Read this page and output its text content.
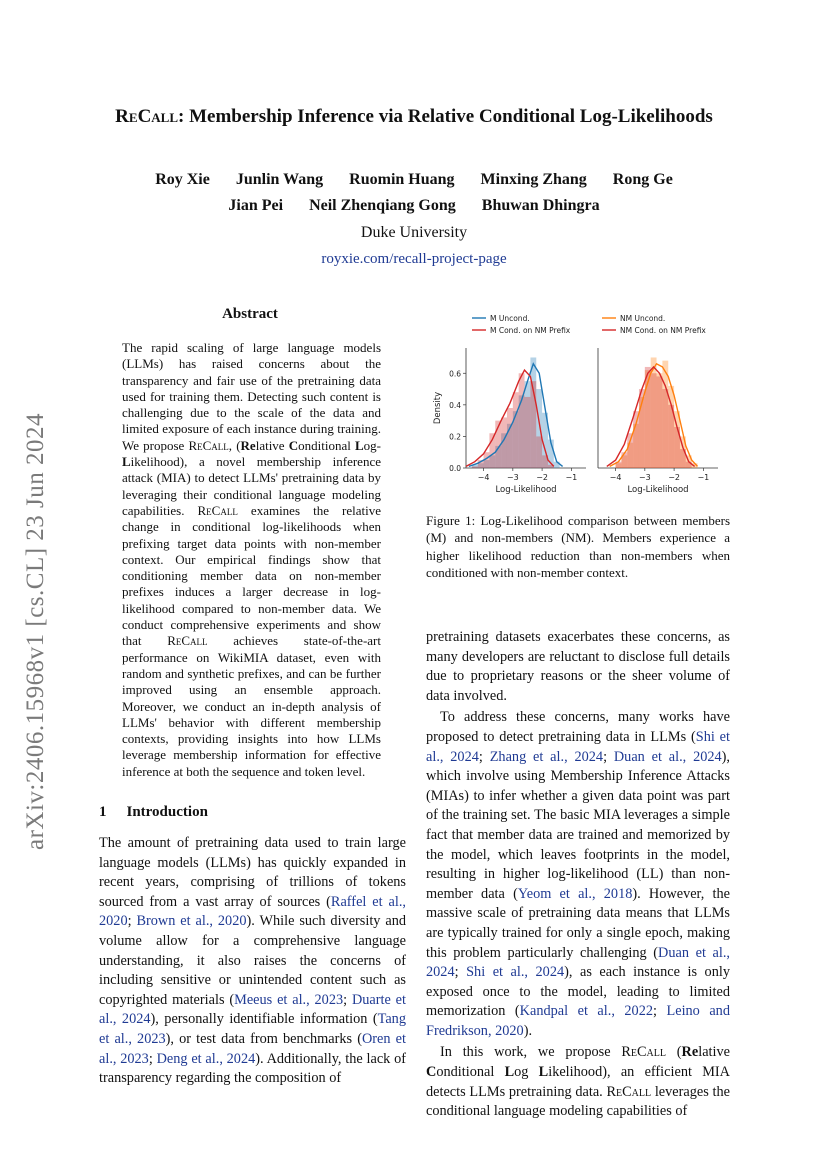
arXiv:2406.15968v1 [cs.CL] 23 Jun 2024
ReCall: Membership Inference via Relative Conditional Log-Likelihoods
Roy Xie Junlin Wang Ruomin Huang Minxing Zhang Rong Ge
Jian Pei Neil Zhenqiang Gong Bhuwan Dhingra
Duke University
royxie.com/recall-project-page
Abstract
The rapid scaling of large language models (LLMs) has raised concerns about the transparency and fair use of the pretraining data used for training them. Detecting such content is challenging due to the scale of the data and limited exposure of each instance during training. We propose ReCall, (Relative Conditional Log-Likelihood), a novel membership inference attack (MIA) to detect LLMs' pretraining data by leveraging their conditional language modeling capabilities. ReCall examines the relative change in conditional log-likelihoods when prefixing target data points with non-member context. Our empirical findings show that conditioning member data on non-member prefixes induces a larger decrease in log-likelihood compared to non-member data. We conduct comprehensive experiments and show that ReCall achieves state-of-the-art performance on WikiMIA dataset, even with random and synthetic prefixes, and can be further improved using an ensemble approach. Moreover, we conduct an in-depth analysis of LLMs' behavior with different membership contexts, providing insights into how LLMs leverage membership information for effective inference at both the sequence and token level.
1 Introduction

The amount of pretraining data used to train large language models (LLMs) has quickly expanded in recent years, comprising of trillions of tokens sourced from a vast array of sources (Raffel et al., 2020; Brown et al., 2020). While such diversity and volume allow for a comprehensive language understanding, it also raises the concerns of including sensitive or unintended content such as copyrighted materials (Meeus et al., 2023; Duarte et al., 2024), personally identifiable information (Tang et al., 2023), or test data from benchmarks (Oren et al., 2023; Deng et al., 2024). Additionally, the lack of transparency regarding the composition of

−4 −3 −2 −1
Log-Likelihood
0.0
0.2
0.4
0.6
Density
M Uncond.
M Cond. on NM Prefix
−4 −3 −2 −1
Log-Likelihood
NM Uncond.
NM Cond. on NM Prefix
Figure 1: Log-Likelihood comparison between members (M) and non-members (NM). Members experience a higher likelihood reduction than non-members when conditioned with non-member context.

pretraining datasets exacerbates these concerns, as many developers are reluctant to disclose full details due to proprietary reasons or the sheer volume of data involved.

To address these concerns, many works have proposed to detect pretraining data in LLMs (Shi et al., 2024; Zhang et al., 2024; Duan et al., 2024), which involve using Membership Inference Attacks (MIAs) to infer whether a given data point was part of the training set. The basic MIA leverages a simple fact that member data are trained and memorized by the model, which leaves footprints in the model, resulting in higher log-likelihood (LL) than non-member data (Yeom et al., 2018). However, the massive scale of pretraining data means that LLMs are typically trained for only a single epoch, making this problem particularly challenging (Duan et al., 2024; Shi et al., 2024), as each instance is only exposed once to the model, leading to limited memorization (Kandpal et al., 2022; Leino and Fredrikson, 2020).

In this work, we propose ReCall (Relative Conditional Log Likelihood), an efficient MIA detects LLMs pretraining data. ReCall leverages the conditional language modeling capabilities of
